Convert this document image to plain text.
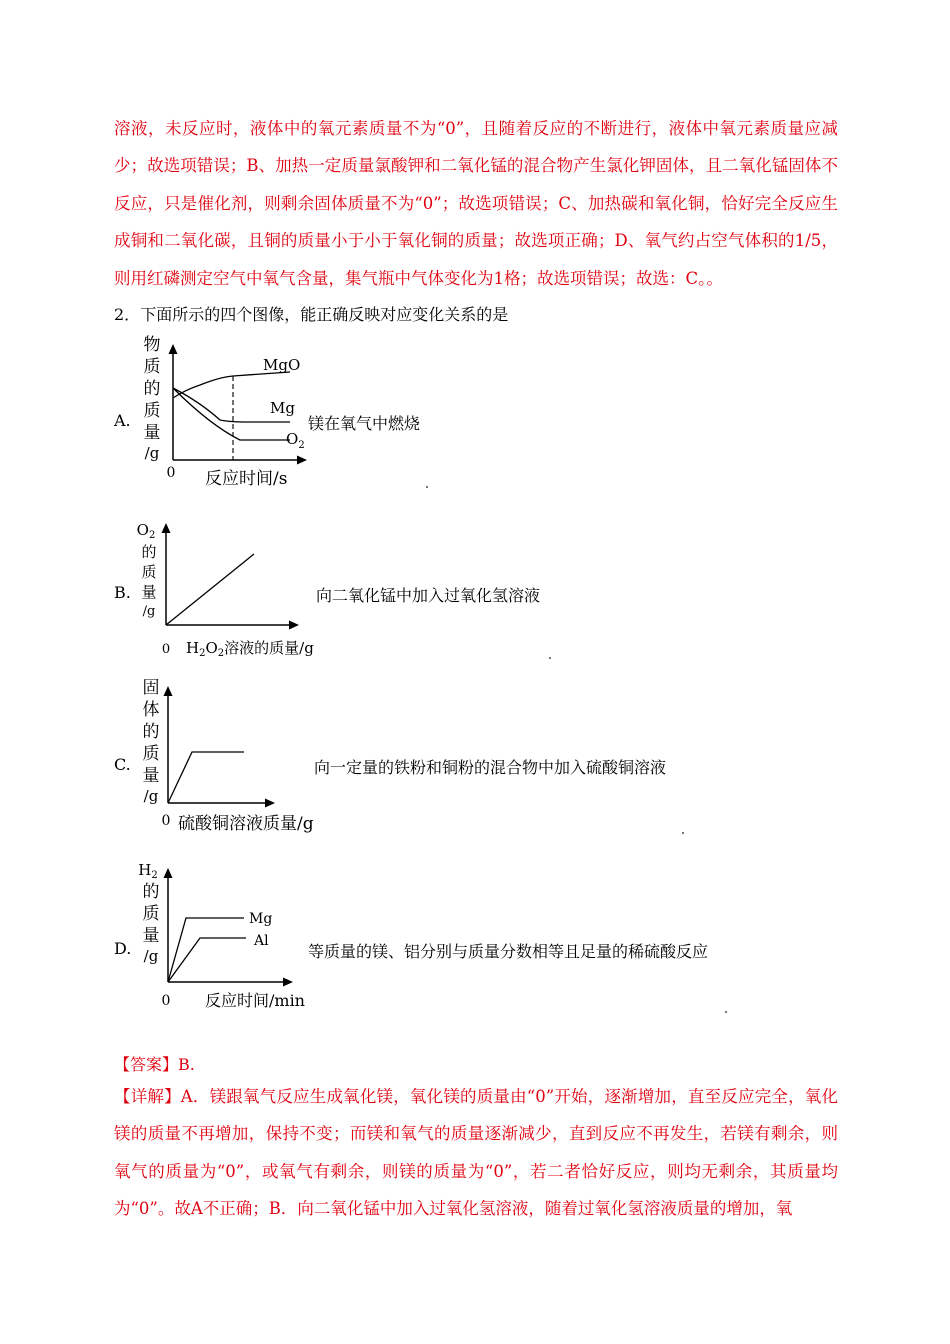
溶液，未反应时，液体中的氧元素质量不为“0”，且随着反应的不断进行，液体中氧元素质量应减少；故选项错误；B、加热一定质量氯酸钾和二氧化锰的混合物产生氯化钾固体，且二氧化锰固体不反应，只是催化剂，则剩余固体质量不为“0”；故选项错误；C、加热碳和氧化铜，恰好完全反应生成铜和二氧化碳，且铜的质量小于小于氧化铜的质量；故选项正确；D、氧气约占空气体积的1/5，则用红磷测定空气中氧气含量，集气瓶中气体变化为1格；故选项错误；故选：C。。
2．下面所示的四个图像，能正确反映对应变化关系的是
A.
物
质
的
质
量
/g
0 反应时间/s
MgO
Mg
$O_2$
镁在氧气中燃烧
B.
$O_2$
的
质
量
/g
0 $H_2O_2$溶液的质量/g
向二氧化锰中加入过氧化氢溶液
C.
固
体
的
质
量
/g
0 硫酸铜溶液质量/g
向一定量的铁粉和铜粉的混合物中加入硫酸铜溶液
D.
$H_2$
的
质
量
/g
Mg
Al
0 反应时间/min
等质量的镁、铝分别与质量分数相等且足量的稀硫酸反应
【答案】B.
【详解】A．镁跟氧气反应生成氧化镁，氧化镁的质量由“0”开始，逐渐增加，直至反应完全，氧化镁的质量不再增加，保持不变；而镁和氧气的质量逐渐减少，直到反应不再发生，若镁有剩余，则氧气的质量为“0”，或氧气有剩余，则镁的质量为“0”，若二者恰好反应，则均无剩余，其质量均为“0”。故A不正确；B．向二氧化锰中加入过氧化氢溶液，随着过氧化氢溶液质量的增加，氧
